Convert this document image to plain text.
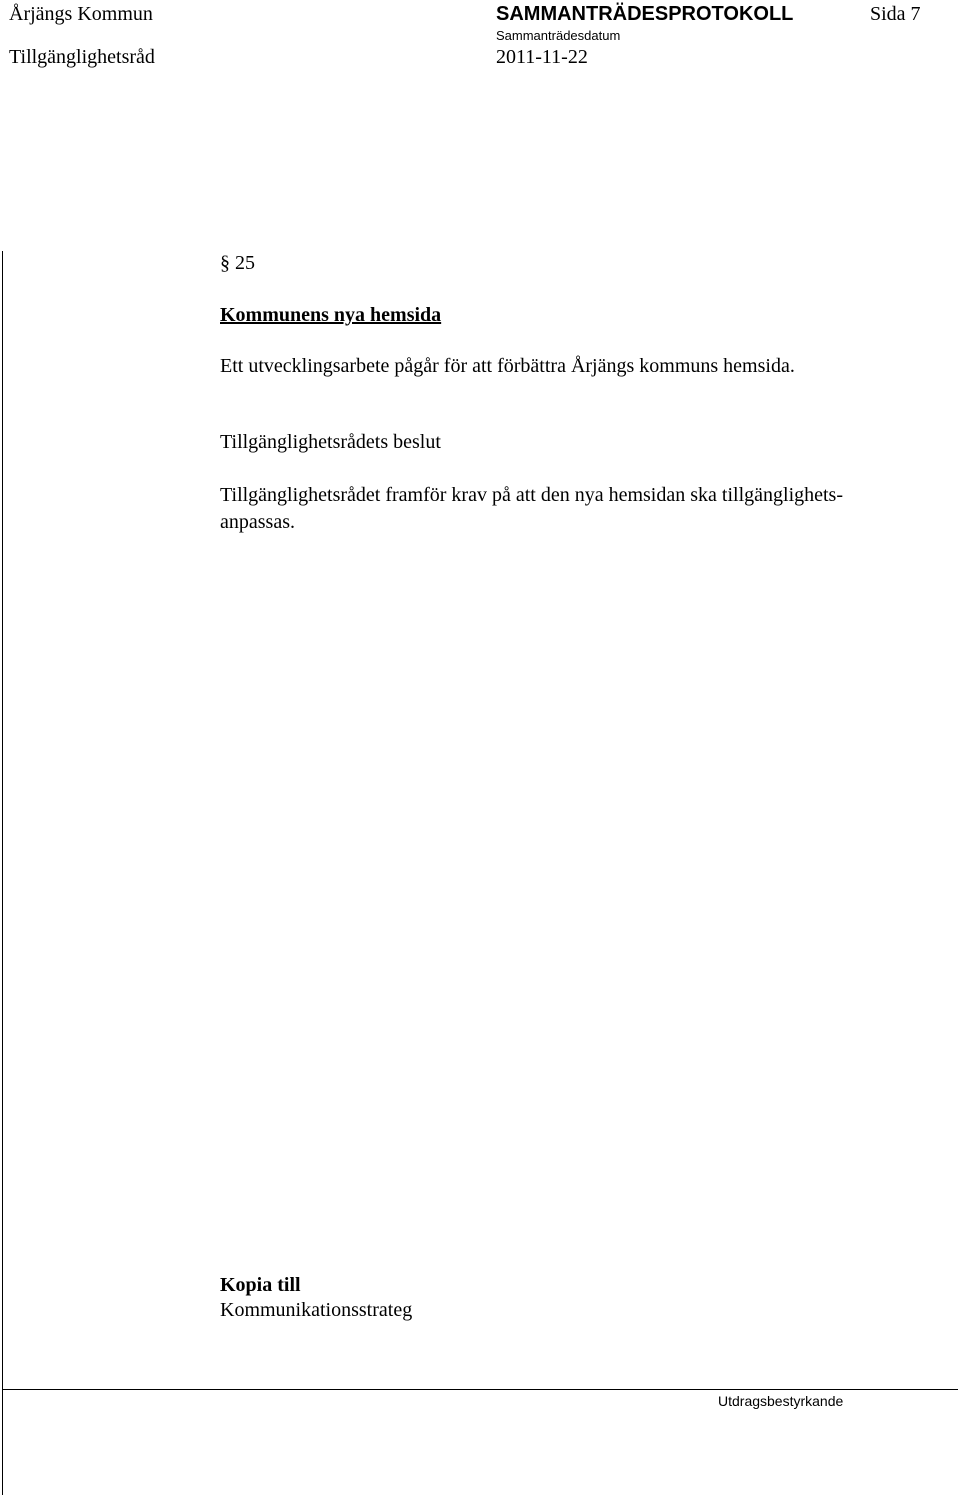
Årjängs Kommun	SAMMANTRÄDESPROTOKOLL	Sida 7
Tillgänglighetsråd
Sammanträdesdatum
2011-11-22
§ 25
Kommunens nya hemsida
Ett utvecklingsarbete pågår för att förbättra Årjängs kommuns hemsida.
Tillgänglighetsrådets beslut
Tillgänglighetsrådet framför krav på att den nya hemsidan ska tillgänglighets-
anpassas.
Kopia till
Kommunikationsstrateg
Utdragsbestyrkande
